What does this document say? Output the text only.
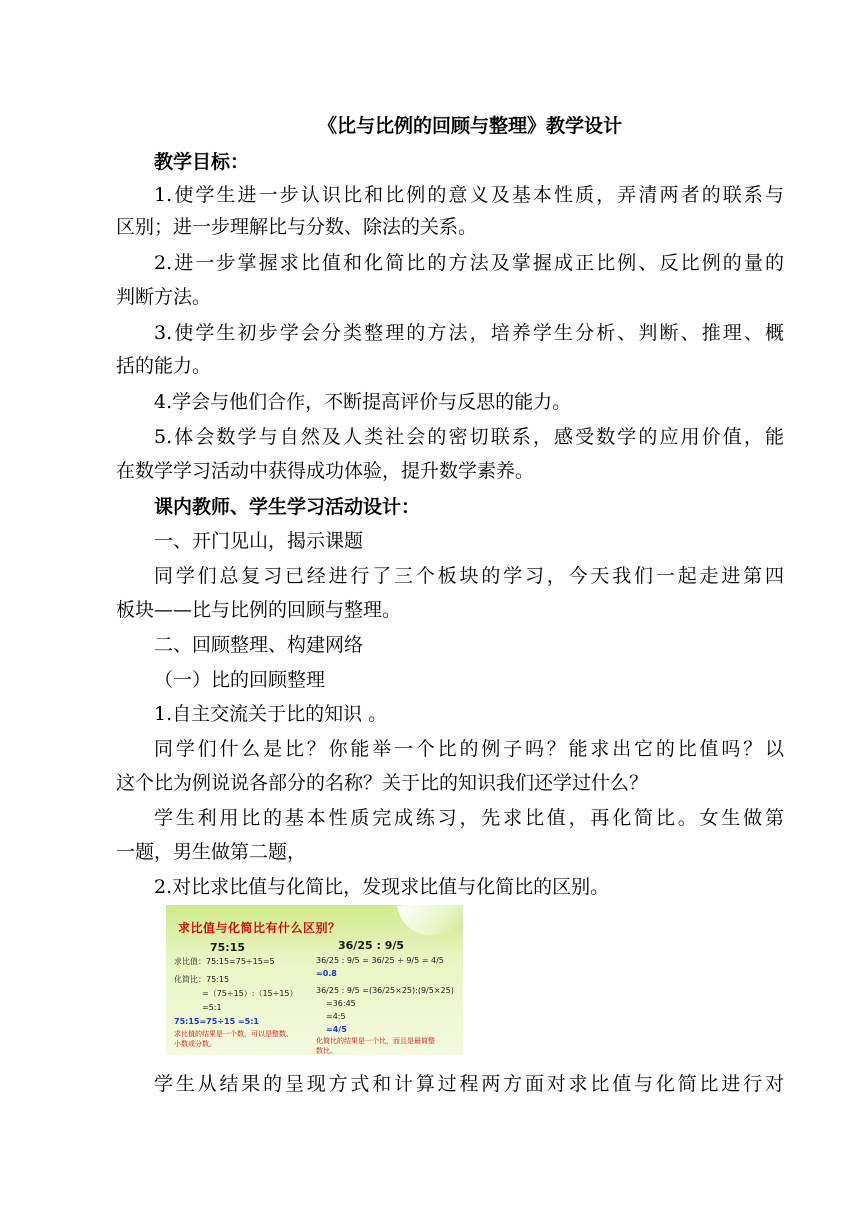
《比与比例的回顾与整理》教学设计
教学目标：
1.使学生进一步认识比和比例的意义及基本性质，弄清两者的联系与
区别；进一步理解比与分数、除法的关系。
2.进一步掌握求比值和化简比的方法及掌握成正比例、反比例的量的
判断方法。
3.使学生初步学会分类整理的方法，培养学生分析、判断、推理、概
括的能力。
4.学会与他们合作，不断提高评价与反思的能力。
5.体会数学与自然及人类社会的密切联系，感受数学的应用价值，能
在数学学习活动中获得成功体验，提升数学素养。
课内教师、学生学习活动设计：
一、开门见山，揭示课题
同学们总复习已经进行了三个板块的学习，今天我们一起走进第四
板块——比与比例的回顾与整理。
二、回顾整理、构建网络
（一）比的回顾整理
1.自主交流关于比的知识 。
同学们什么是比？你能举一个比的例子吗？能求出它的比值吗？以
这个比为例说说各部分的名称？关于比的知识我们还学过什么？
学生利用比的基本性质完成练习，先求比值，再化简比。女生做第
一题，男生做第二题，
2.对比求比值与化简比，发现求比值与化简比的区别。
求比值与化简比有什么区别？
75:15
求比值：75:15=75÷15=5
化简比：75:15
=（75÷15）:（15÷15）
=5:1
75:15=75÷15 =5:1
求比值的结果是一个数，可以是整数、小数或分数。
36/25 : 9/5
36/25 : 9/5 = 36/25 ÷ 9/5 = 4/5 =0.8
36/25 : 9/5 =(36/25×25):(9/5×25)
=36:45
=4:5
=4/5
化简比的结果是一个比，而且是最简整数比。
学生从结果的呈现方式和计算过程两方面对求比值与化简比进行对
